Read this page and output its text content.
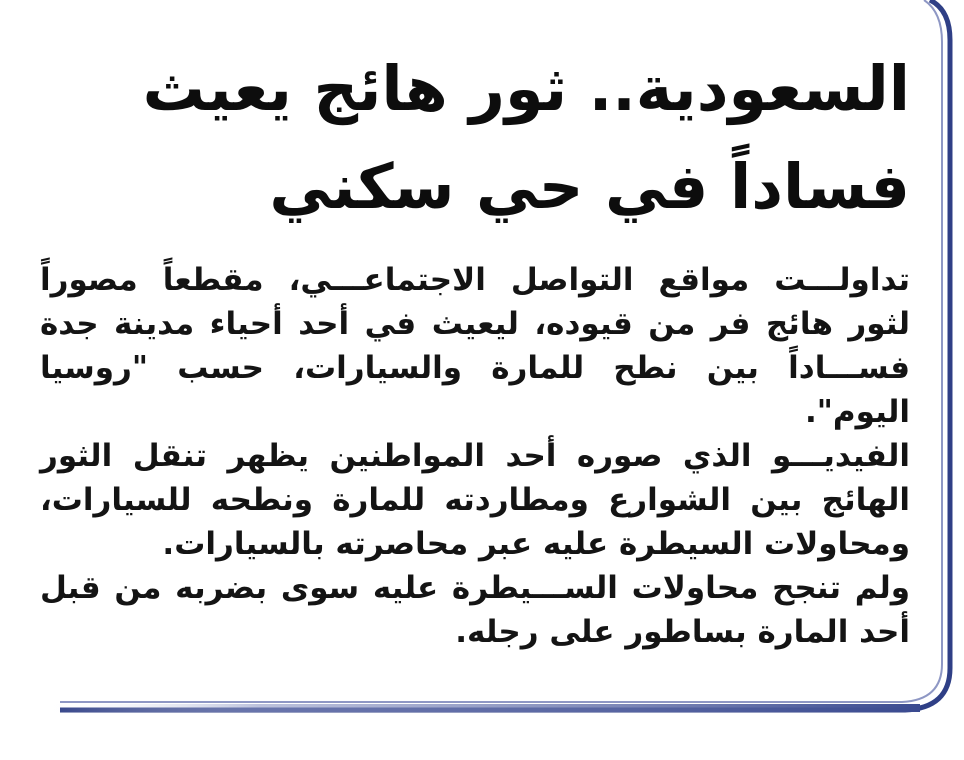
السعودية.. ثور هائج يعيث فساداً في حي سكني
تداولـــت مواقع التواصل الاجتماعـــي، مقطعاً مصوراً لثور هائج فر من قيوده، ليعيث في أحد أحياء مدينة جدة فســـاداً بين نطح للمارة والسيارات، حسب "روسيا اليوم".
الفيديـــو الذي صوره أحد المواطنين يظهر تنقل الثور الهائج بين الشوارع ومطاردته للمارة ونطحه للسيارات، ومحاولات السيطرة عليه عبر محاصرته بالسيارات.
ولم تنجح محاولات الســـيطرة عليه سوى بضربه من قبل أحد المارة بساطور على رجله.
